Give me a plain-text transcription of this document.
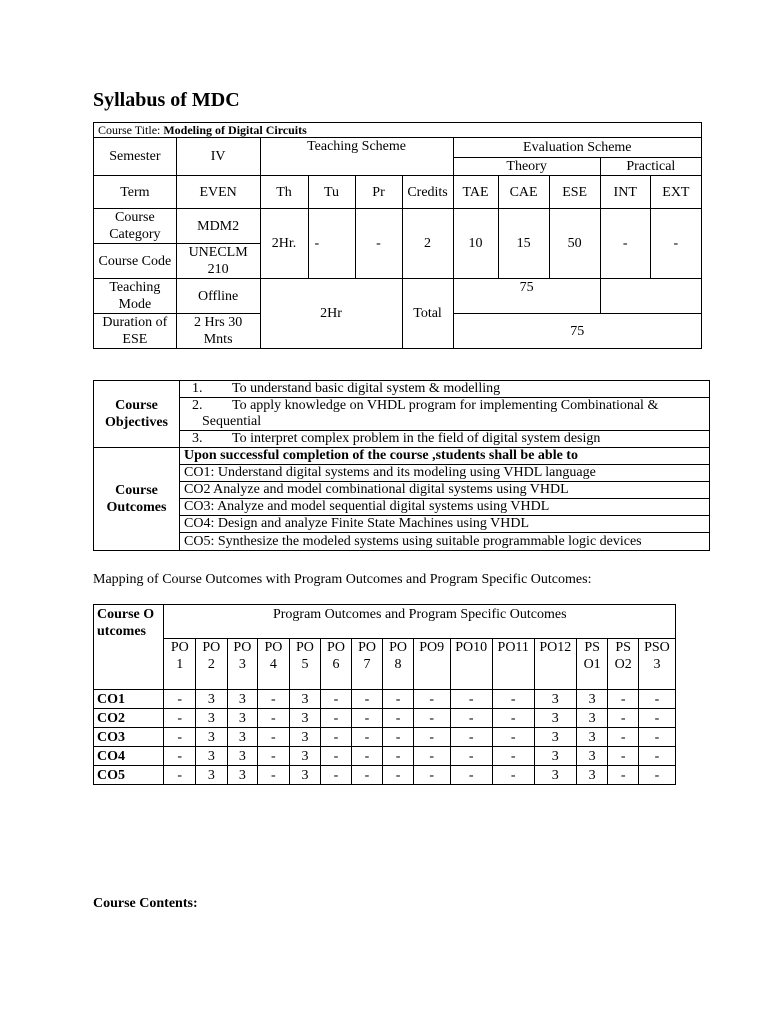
Syllabus of MDC
Course Title: Modeling of Digital Circuits										
Semester	IV	Teaching Scheme				Evaluation Scheme				
						Theory			Practical	
Term	EVEN	Th	Tu	Pr	Credits	TAE	CAE	ESE	INT	EXT
Course Category	MDM2	2Hr.	-	-	2	10	15	50	-	-
Course Code	UNECLM 210									
Teaching Mode	Offline	2Hr			Total	75				
Duration of ESE	2 Hrs 30 Mnts					75				
Course Objectives	1. To understand basic digital system & modelling
	2. To apply knowledge on VHDL program for implementing Combinational &
	Sequential
	3. To interpret complex problem in the field of digital system design
Course Outcomes	Upon successful completion of the course ,students shall be able to
	CO1: Understand digital systems and its modeling using VHDL language
	CO2 Analyze and model combinational digital systems using VHDL
	CO3: Analyze and model sequential digital systems using VHDL
	CO4: Design and analyze Finite State Machines using VHDL
	CO5: Synthesize the modeled systems using suitable programmable logic devices
Mapping of Course Outcomes with Program Outcomes and Program Specific Outcomes:
Course Outcomes	Program Outcomes and Program Specific Outcomes														
	PO1	PO2	PO3	PO4	PO5	PO6	PO7	PO8	PO9	PO10	PO11	PO12	PSO1	PSO2	PSO3
CO1	-	3	3	-	3	-	-	-	-	-	-	3	3	-	-
CO2	-	3	3	-	3	-	-	-	-	-	-	3	3	-	-
CO3	-	3	3	-	3	-	-	-	-	-	-	3	3	-	-
CO4	-	3	3	-	3	-	-	-	-	-	-	3	3	-	-
CO5	-	3	3	-	3	-	-	-	-	-	-	3	3	-	-
Course Contents:
